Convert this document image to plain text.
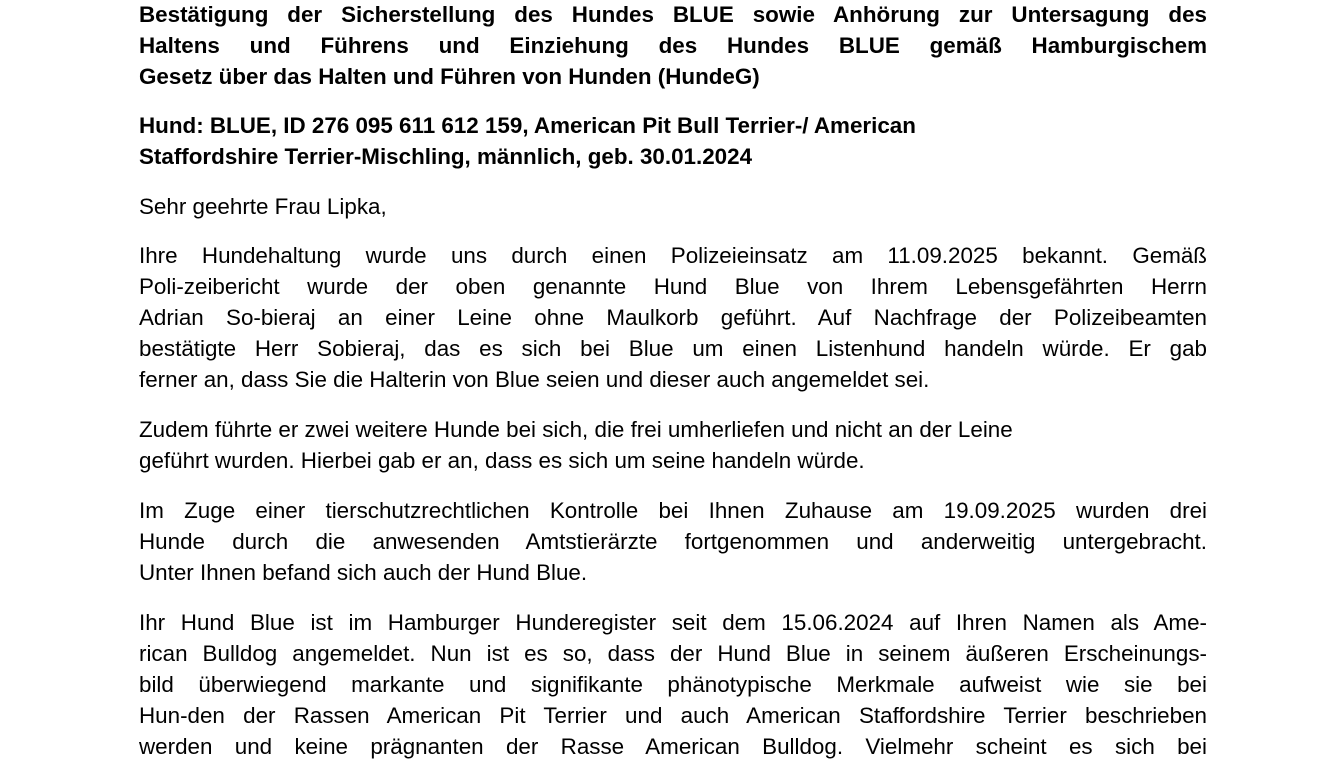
Bestätigung der Sicherstellung des Hundes BLUE sowie Anhörung zur Untersagung des
Haltens und Führens und Einziehung des Hundes BLUE gemäß Hamburgischem
Gesetz über das Halten und Führen von Hunden (HundeG)
Hund: BLUE, ID 276 095 611 612 159, American Pit Bull Terrier-/ American
Staffordshire Terrier-Mischling, männlich, geb. 30.01.2024
Sehr geehrte Frau Lipka,
Ihre Hundehaltung wurde uns durch einen Polizeieinsatz am 11.09.2025 bekannt. Gemäß
Poli-zeibericht wurde der oben genannte Hund Blue von Ihrem Lebensgefährten Herrn
Adrian So-bieraj an einer Leine ohne Maulkorb geführt. Auf Nachfrage der Polizeibeamten
bestätigte Herr Sobieraj, das es sich bei Blue um einen Listenhund handeln würde. Er gab
ferner an, dass Sie die Halterin von Blue seien und dieser auch angemeldet sei.
Zudem führte er zwei weitere Hunde bei sich, die frei umherliefen und nicht an der Leine
geführt wurden. Hierbei gab er an, dass es sich um seine handeln würde.
Im Zuge einer tierschutzrechtlichen Kontrolle bei Ihnen Zuhause am 19.09.2025 wurden drei
Hunde durch die anwesenden Amtstierärzte fortgenommen und anderweitig untergebracht.
Unter Ihnen befand sich auch der Hund Blue.
Ihr Hund Blue ist im Hamburger Hunderegister seit dem 15.06.2024 auf Ihren Namen als Ame-
rican Bulldog angemeldet. Nun ist es so, dass der Hund Blue in seinem äußeren Erscheinungs-
bild überwiegend markante und signifikante phänotypische Merkmale aufweist wie sie bei
Hun-den der Rassen American Pit Terrier und auch American Staffordshire Terrier beschrieben
werden und keine prägnanten der Rasse American Bulldog. Vielmehr scheint es sich bei
